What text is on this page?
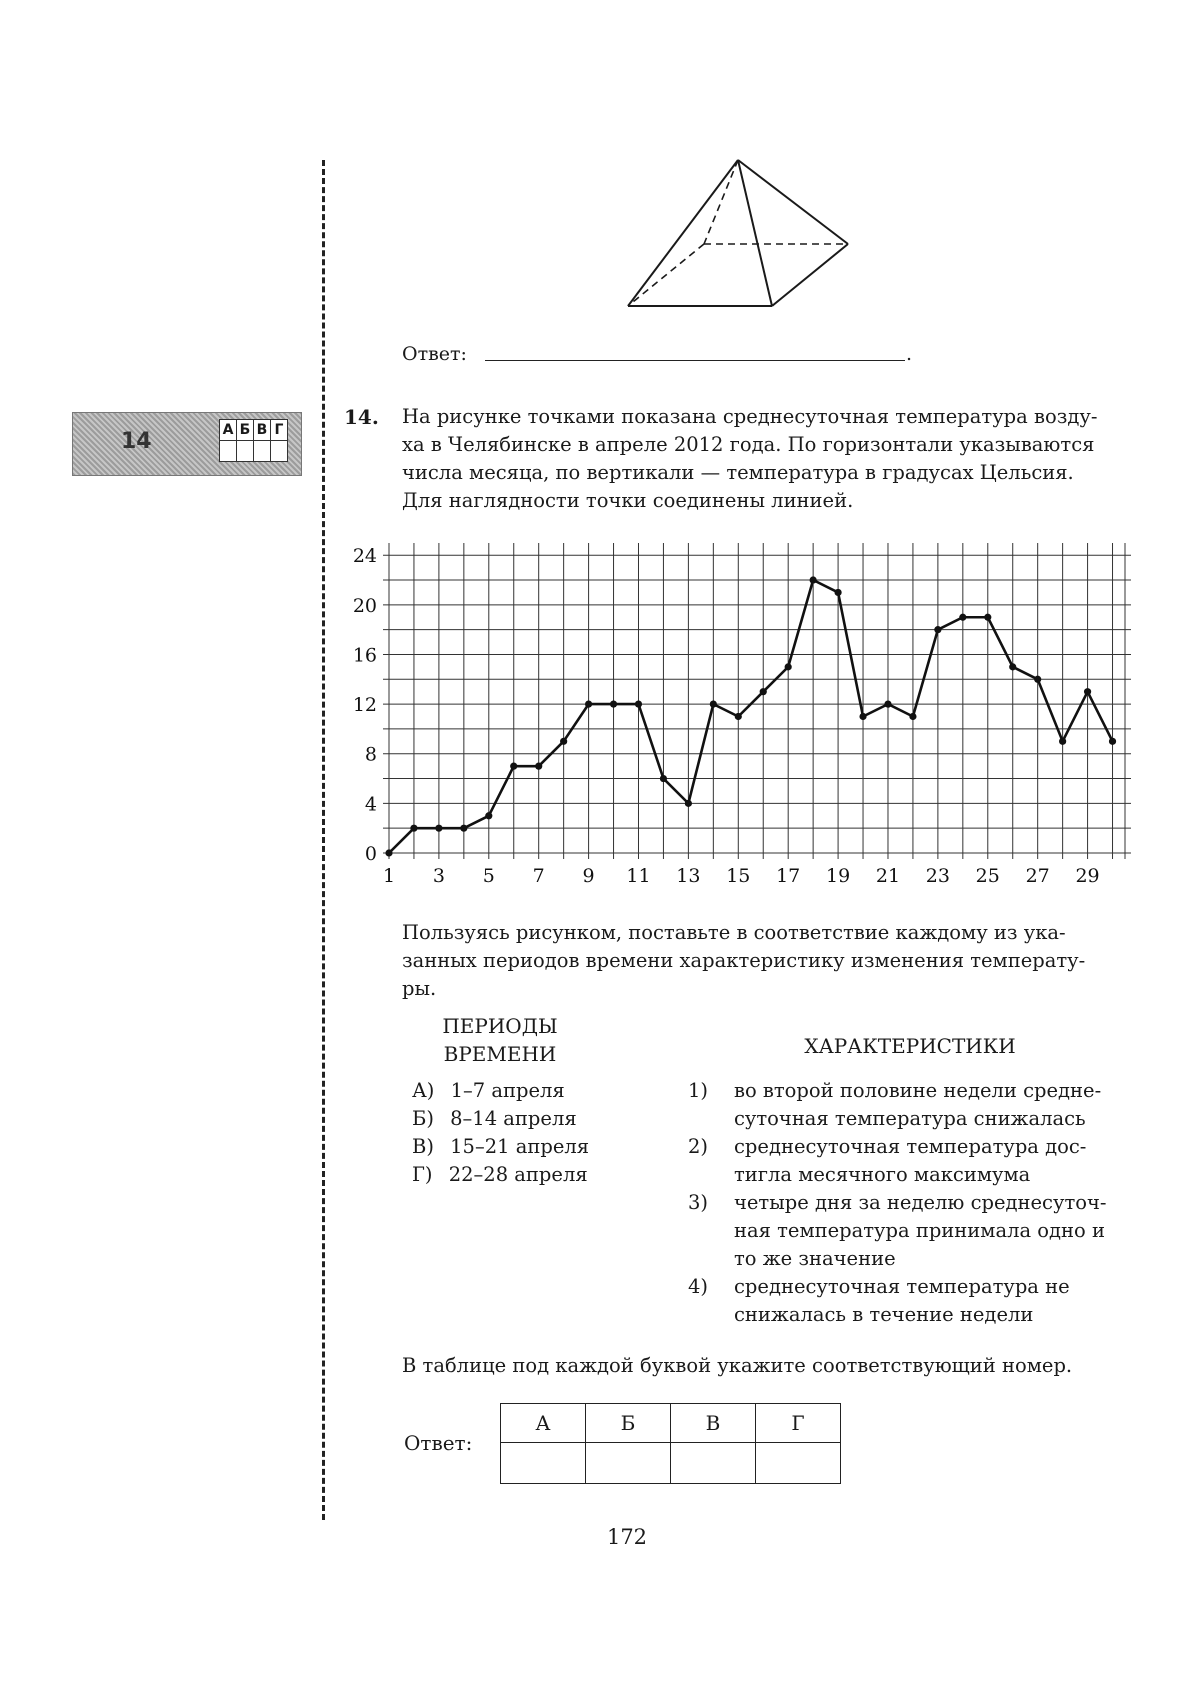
Ответ:	.
14	А	Б	В	Г

14. На рисунке точками показана среднесуточная температура возду-

ха в Челябинске в апреле 2012 года. По горизонтали указываются

числа месяца, по вертикали — температура в градусах Цельсия.

Для наглядности точки соединены линией.

0
4
8
12
16
20
24
1 3 5 7 9 11 13 15 17 19 21 23 25 27 29

Пользуясь рисунком, поставьте в соответствие каждому из ука-

занных периодов времени характеристику изменения температу-

ры.

ПЕРИОДЫ
ВРЕМЕНИ	ХАРАКТЕРИСТИКИ
А) 1–7 апреля
Б) 8–14 апреля
В) 15–21 апреля
Г) 22–28 апреля
1) во второй половине недели средне-
суточная температура снижалась
2) среднесуточная температура дос-
тигла месячного максимума
3) четыре дня за неделю среднесуточ-
ная температура принимала одно и
то же значение
4) среднесуточная температура не
снижалась в течение недели
В таблице под каждой буквой укажите соответствующий номер.
Ответ:
А	Б	В	Г

172
